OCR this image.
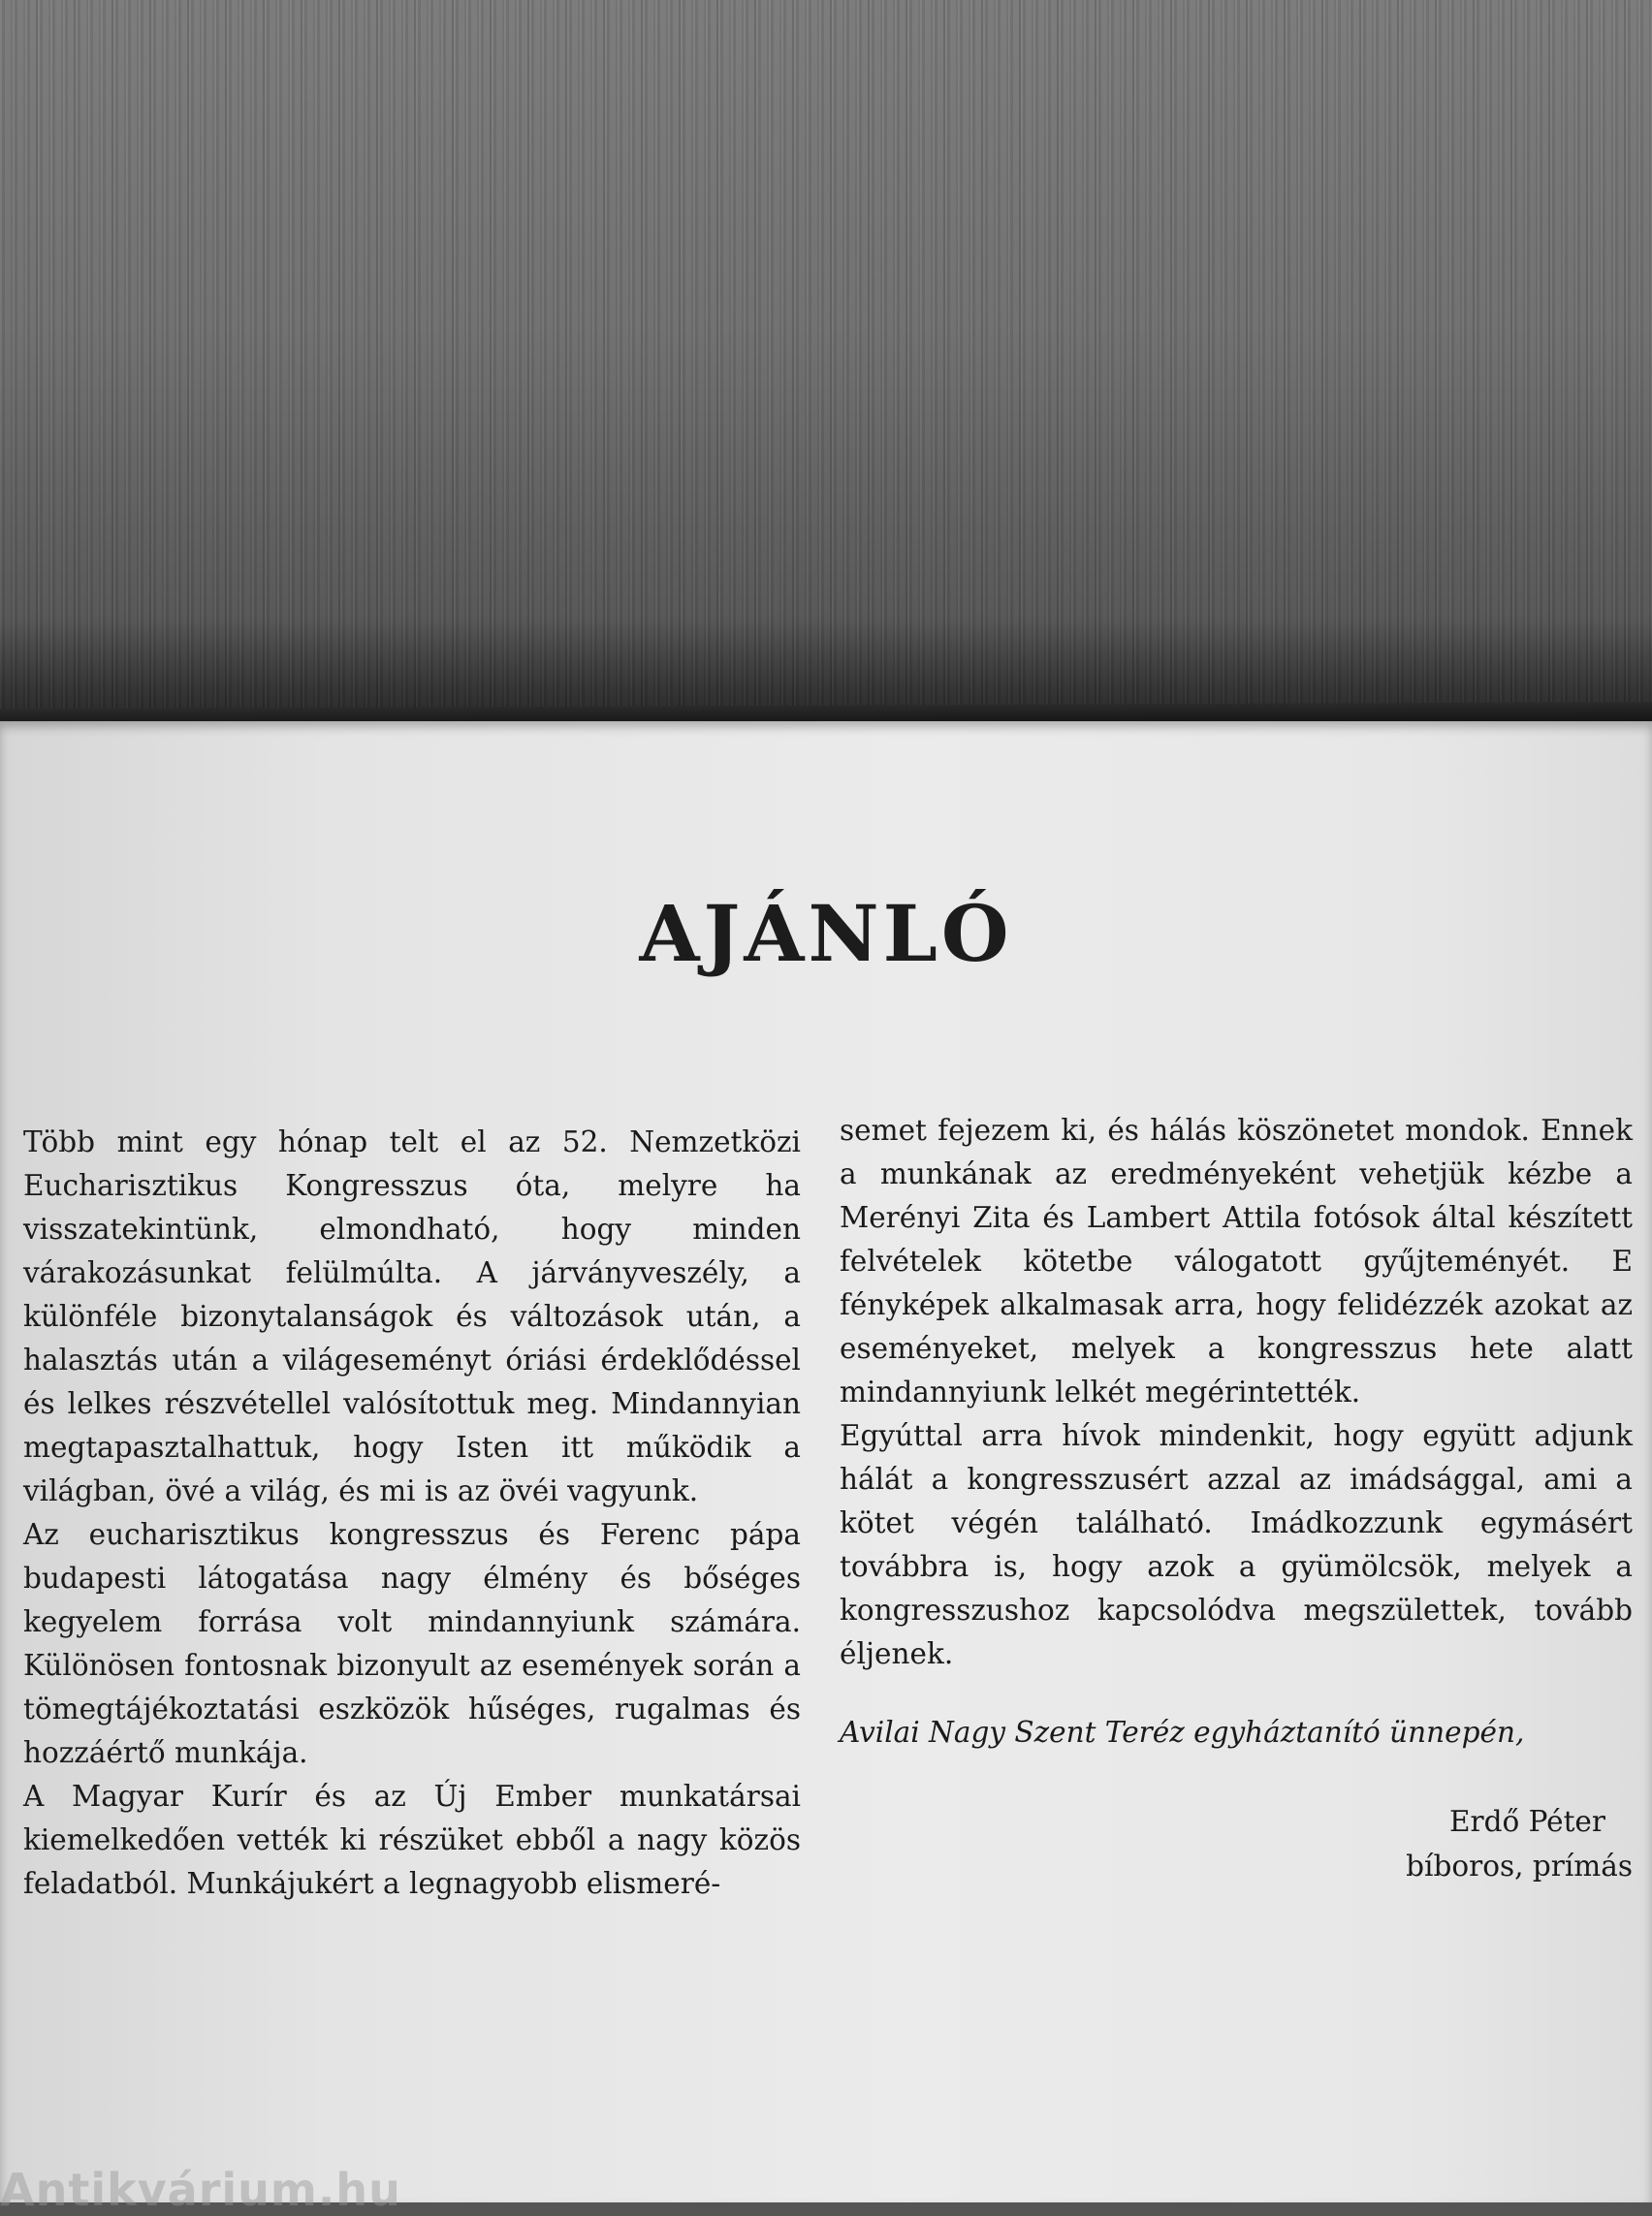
AJÁNLÓ

Több mint egy hónap telt el az 52. Nemzetközi Eucharisztikus Kongresszus óta, melyre ha visszatekintünk, elmondható, hogy minden várakozásunkat felülmúlta. A járványveszély, a különféle bizonytalanságok és változások után, a halasztás után a világeseményt óriási érdeklődéssel és lelkes részvétellel valósítottuk meg. Mindannyian megtapasztalhattuk, hogy Isten itt működik a világban, övé a világ, és mi is az övéi vagyunk.

Az eucharisztikus kongresszus és Ferenc pápa budapesti látogatása nagy élmény és bőséges kegyelem forrása volt mindannyiunk számára. Különösen fontosnak bizonyult az események során a tömegtájékoztatási eszközök hűséges, rugalmas és hozzáértő munkája.

A Magyar Kurír és az Új Ember munkatársai kiemelkedően vették ki részüket ebből a nagy közös feladatból. Munkájukért a legnagyobb elismeré-

semet fejezem ki, és hálás köszönetet mondok. Ennek a munkának az eredményeként vehetjük kézbe a Merényi Zita és Lambert Attila fotósok által készített felvételek kötetbe válogatott gyűjteményét. E fényképek alkalmasak arra, hogy felidézzék azokat az eseményeket, melyek a kongresszus hete alatt mindannyiunk lelkét megérintették.

Egyúttal arra hívok mindenkit, hogy együtt adjunk hálát a kongresszusért azzal az imádsággal, ami a kötet végén található. Imádkozzunk egymásért továbbra is, hogy azok a gyümölcsök, melyek a kongresszushoz kapcsolódva megszülettek, tovább éljenek.

Avilai Nagy Szent Teréz egyháztanító ünnepén,

Erdő Péter
bíboros, prímás
Antikvárium.hu
